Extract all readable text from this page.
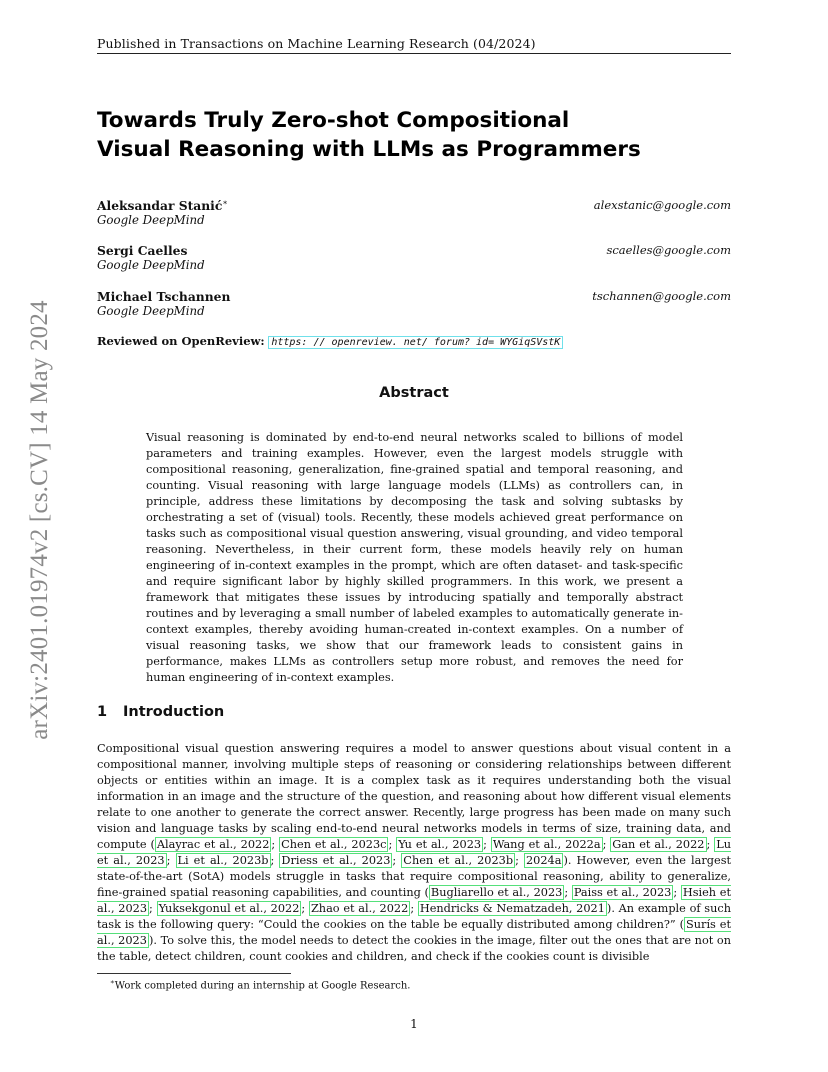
Published in Transactions on Machine Learning Research (04/2024)
arXiv:2401.01974v2 [cs.CV] 14 May 2024
Towards Truly Zero-shot Compositional
Visual Reasoning with LLMs as Programmers
Aleksandar Stanić∗
Google DeepMind
alexstanic@google.com
Sergi Caelles
Google DeepMind
scaelles@google.com
Michael Tschannen
Google DeepMind
tschannen@google.com
Reviewed on OpenReview: https: // openreview. net/ forum? id= WYGiqSVstK
Abstract
Visual reasoning is dominated by end-to-end neural networks scaled to billions of model parameters and training examples. However, even the largest models struggle with compositional reasoning, generalization, fine-grained spatial and temporal reasoning, and counting. Visual reasoning with large language models (LLMs) as controllers can, in principle, address these limitations by decomposing the task and solving subtasks by orchestrating a set of (visual) tools. Recently, these models achieved great performance on tasks such as compositional visual question answering, visual grounding, and video temporal reasoning. Nevertheless, in their current form, these models heavily rely on human engineering of in-context examples in the prompt, which are often dataset- and task-specific and require significant labor by highly skilled programmers. In this work, we present a framework that mitigates these issues by introducing spatially and temporally abstract routines and by leveraging a small number of labeled examples to automatically generate in-context examples, thereby avoiding human-created in-context examples. On a number of visual reasoning tasks, we show that our framework leads to consistent gains in performance, makes LLMs as controllers setup more robust, and removes the need for human engineering of in-context examples.
1 Introduction
Compositional visual question answering requires a model to answer questions about visual content in a compositional manner, involving multiple steps of reasoning or considering relationships between different objects or entities within an image. It is a complex task as it requires understanding both the visual information in an image and the structure of the question, and reasoning about how different visual elements relate to one another to generate the correct answer. Recently, large progress has been made on many such vision and language tasks by scaling end-to-end neural networks models in terms of size, training data, and compute ( Alayrac et al., 2022 ; Chen et al., 2023c ; Yu et al., 2023 ; Wang et al., 2022a ; Gan et al., 2022 ; Lu et al., 2023 ; Li et al., 2023b ; Driess et al., 2023 ; Chen et al., 2023b ; 2024a ). However, even the largest state-of-the-art (SotA) models struggle in tasks that require compositional reasoning, ability to generalize, fine-grained spatial reasoning capabilities, and counting ( Bugliarello et al., 2023 ; Paiss et al., 2023 ; Hsieh et al., 2023 ; Yuksekgonul et al., 2022 ; Zhao et al., 2022 ; Hendricks & Nematzadeh, 2021 ). An example of such task is the following query: “Could the cookies on the table be equally distributed among children?” ( Surís et al., 2023 ). To solve this, the model needs to detect the cookies in the image, filter out the ones that are not on the table, detect children, count cookies and children, and check if the cookies count is divisible
∗Work completed during an internship at Google Research.
1
